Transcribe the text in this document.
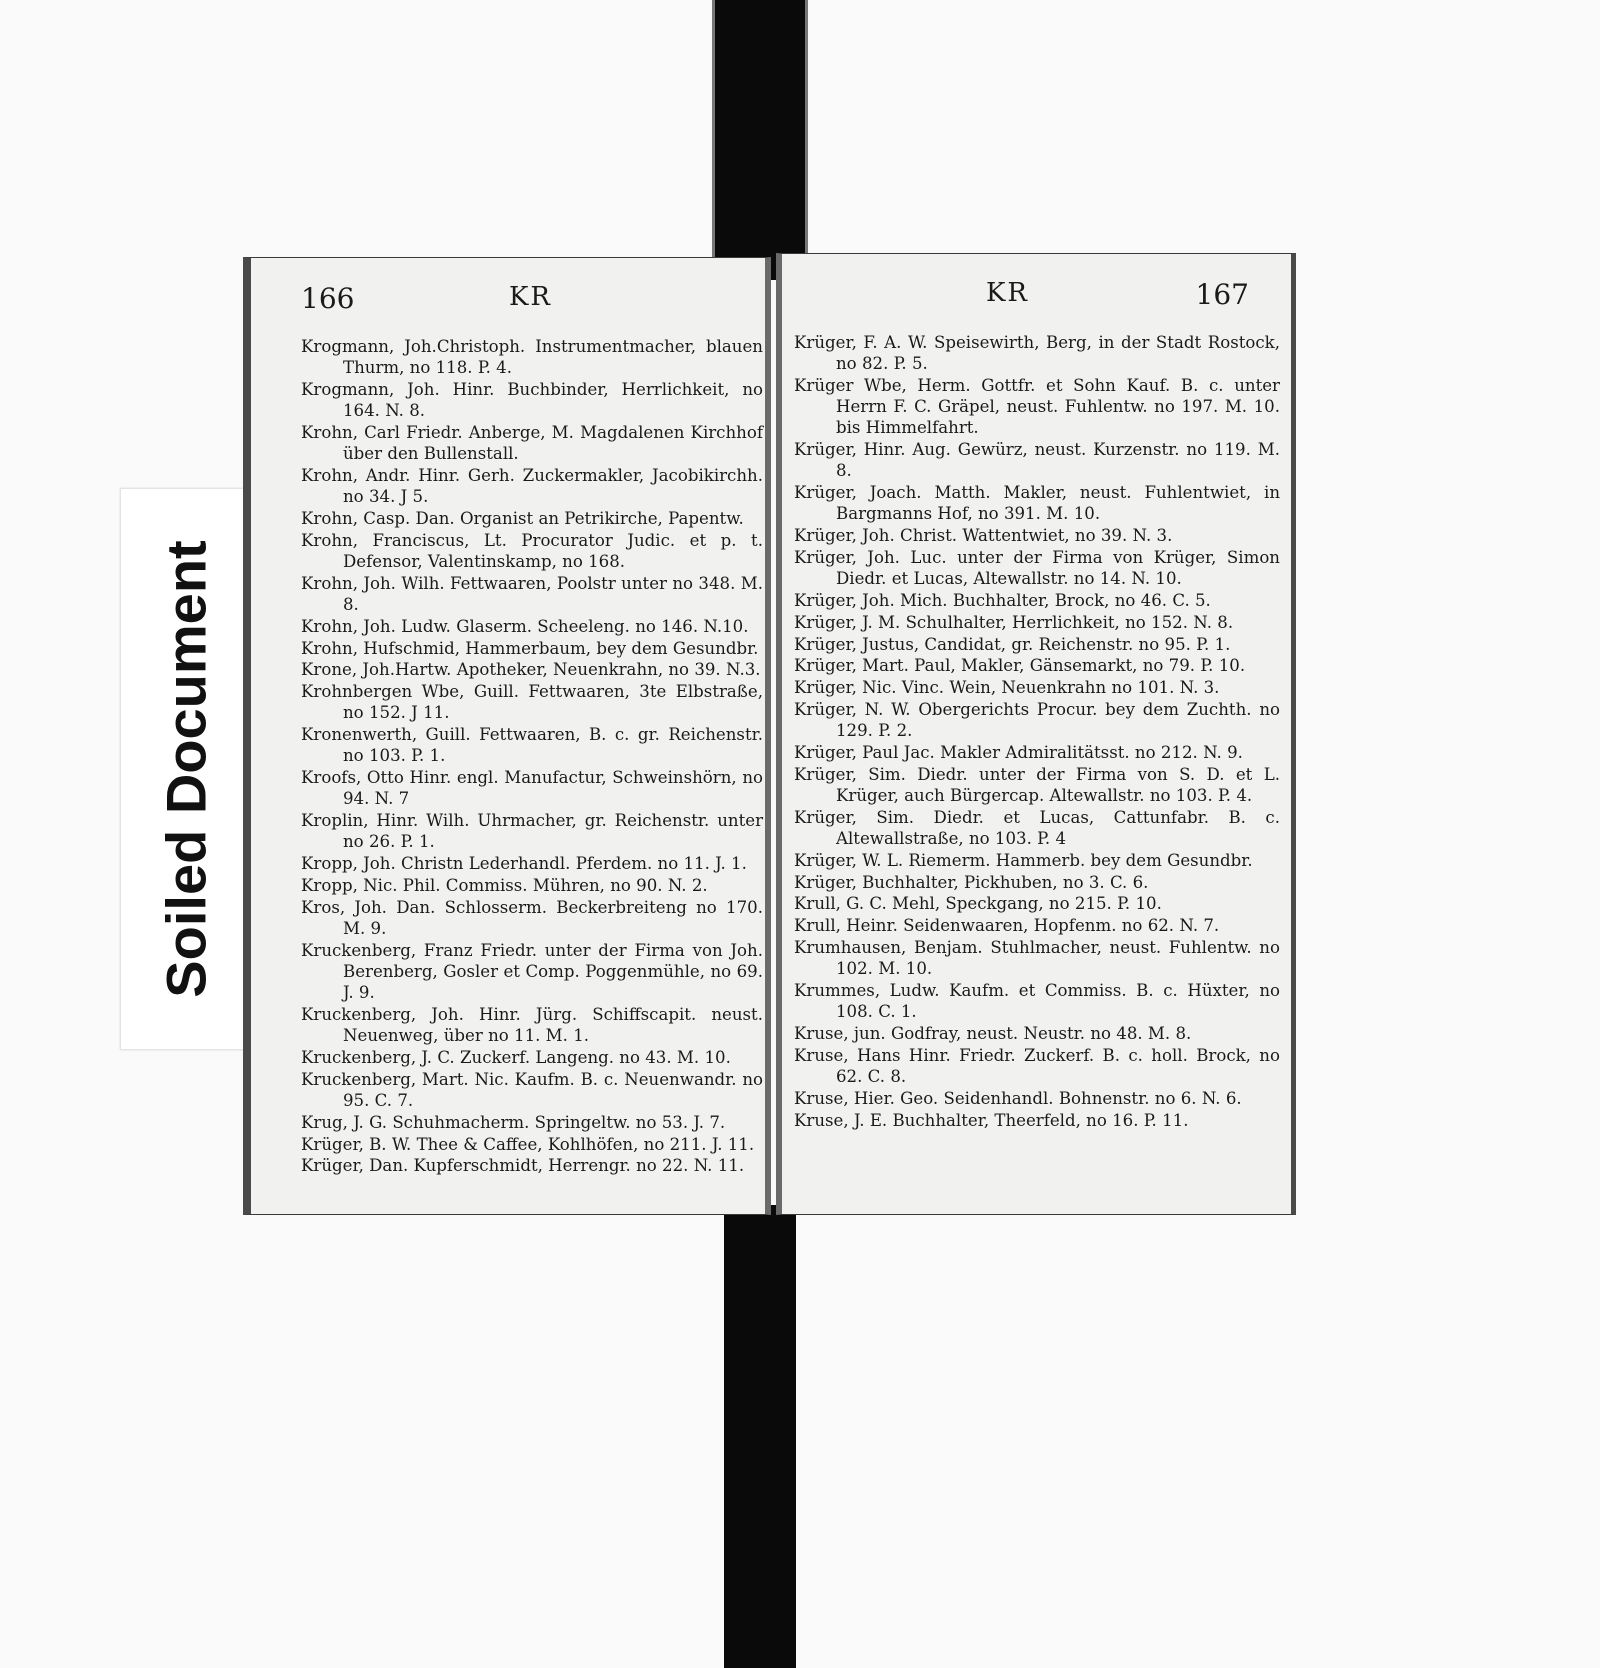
Soiled Document
166	KR
Krogmann, Joh.Christoph. Instrumentmacher, blauen Thurm, no 118. P. 4.
Krogmann, Joh. Hinr. Buchbinder, Herrlichkeit, no 164. N. 8.
Krohn, Carl Friedr. Anberge, M. Magdalenen Kirchhof über den Bullenstall.
Krohn, Andr. Hinr. Gerh. Zuckermakler, Jacobikirchh. no 34. J 5.
Krohn, Casp. Dan. Organist an Petrikirche, Papentw.
Krohn, Franciscus, Lt. Procurator Judic. et p. t. Defensor, Valentinskamp, no 168.
Krohn, Joh. Wilh. Fettwaaren, Poolstr unter no 348. M. 8.
Krohn, Joh. Ludw. Glaserm. Scheeleng. no 146. N.10.
Krohn, Hufschmid, Hammerbaum, bey dem Gesundbr.
Krone, Joh.Hartw. Apotheker, Neuenkrahn, no 39. N.3.
Krohnbergen Wbe, Guill. Fettwaaren, 3te Elbstraße, no 152. J 11.
Kronenwerth, Guill. Fettwaaren, B. c. gr. Reichenstr. no 103. P. 1.
Kroofs, Otto Hinr. engl. Manufactur, Schweinshörn, no 94. N. 7
Kroplin, Hinr. Wilh. Uhrmacher, gr. Reichenstr. unter no 26. P. 1.
Kropp, Joh. Christn Lederhandl. Pferdem. no 11. J. 1.
Kropp, Nic. Phil. Commiss. Mühren, no 90. N. 2.
Kros, Joh. Dan. Schlosserm. Beckerbreiteng no 170. M. 9.
Kruckenberg, Franz Friedr. unter der Firma von Joh. Berenberg, Gosler et Comp. Poggenmühle, no 69. J. 9.
Kruckenberg, Joh. Hinr. Jürg. Schiffscapit. neust. Neuenweg, über no 11. M. 1.
Kruckenberg, J. C. Zuckerf. Langeng. no 43. M. 10.
Kruckenberg, Mart. Nic. Kaufm. B. c. Neuenwandr. no 95. C. 7.
Krug, J. G. Schuhmacherm. Springeltw. no 53. J. 7.
Krüger, B. W. Thee & Caffee, Kohlhöfen, no 211. J. 11.
Krüger, Dan. Kupferschmidt, Herrengr. no 22. N. 11.
KR	167
Krüger, F. A. W. Speisewirth, Berg, in der Stadt Rostock, no 82. P. 5.
Krüger Wbe, Herm. Gottfr. et Sohn Kauf. B. c. unter Herrn F. C. Gräpel, neust. Fuhlentw. no 197. M. 10. bis Himmelfahrt.
Krüger, Hinr. Aug. Gewürz, neust. Kurzenstr. no 119. M. 8.
Krüger, Joach. Matth. Makler, neust. Fuhlentwiet, in Bargmanns Hof, no 391. M. 10.
Krüger, Joh. Christ. Wattentwiet, no 39. N. 3.
Krüger, Joh. Luc. unter der Firma von Krüger, Simon Diedr. et Lucas, Altewallstr. no 14. N. 10.
Krüger, Joh. Mich. Buchhalter, Brock, no 46. C. 5.
Krüger, J. M. Schulhalter, Herrlichkeit, no 152. N. 8.
Krüger, Justus, Candidat, gr. Reichenstr. no 95. P. 1.
Krüger, Mart. Paul, Makler, Gänsemarkt, no 79. P. 10.
Krüger, Nic. Vinc. Wein, Neuenkrahn no 101. N. 3.
Krüger, N. W. Obergerichts Procur. bey dem Zuchth. no 129. P. 2.
Krüger, Paul Jac. Makler Admiralitätsst. no 212. N. 9.
Krüger, Sim. Diedr. unter der Firma von S. D. et L. Krüger, auch Bürgercap. Altewallstr. no 103. P. 4.
Krüger, Sim. Diedr. et Lucas, Cattunfabr. B. c. Altewallstraße, no 103. P. 4
Krüger, W. L. Riemerm. Hammerb. bey dem Gesundbr.
Krüger, Buchhalter, Pickhuben, no 3. C. 6.
Krull, G. C. Mehl, Speckgang, no 215. P. 10.
Krull, Heinr. Seidenwaaren, Hopfenm. no 62. N. 7.
Krumhausen, Benjam. Stuhlmacher, neust. Fuhlentw. no 102. M. 10.
Krummes, Ludw. Kaufm. et Commiss. B. c. Hüxter, no 108. C. 1.
Kruse, jun. Godfray, neust. Neustr. no 48. M. 8.
Kruse, Hans Hinr. Friedr. Zuckerf. B. c. holl. Brock, no 62. C. 8.
Kruse, Hier. Geo. Seidenhandl. Bohnenstr. no 6. N. 6.
Kruse, J. E. Buchhalter, Theerfeld, no 16. P. 11.
